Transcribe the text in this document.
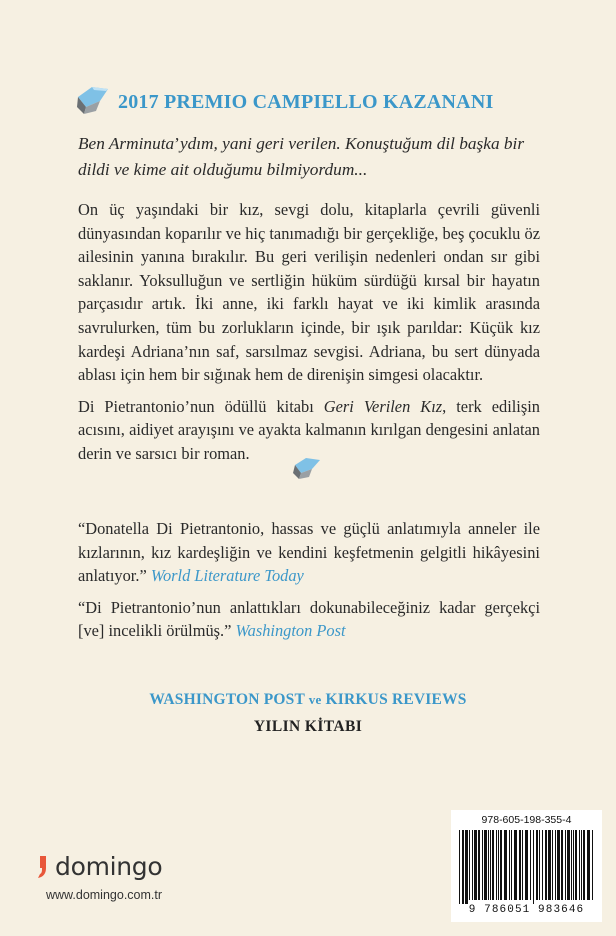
2017 PREMIO CAMPIELLO KAZANANI
Ben Arminuta’ydım, yani geri verilen. Konuştuğum dil başka bir dildi ve kime ait olduğumu bilmiyordum...

On üç yaşındaki bir kız, sevgi dolu, kitaplarla çevrili güvenli dünyasından koparılır ve hiç tanımadığı bir gerçekliğe, beş çocuklu öz ailesinin yanına bırakılır. Bu geri verilişin nedenleri ondan sır gibi saklanır. Yoksulluğun ve sertliğin hüküm sürdüğü kırsal bir hayatın parçasıdır artık. İki anne, iki farklı hayat ve iki kimlik arasında savrulurken, tüm bu zorlukların içinde, bir ışık parıldar: Küçük kız kardeşi Adriana’nın saf, sarsılmaz sevgisi. Adriana, bu sert dünyada ablası için hem bir sığınak hem de direnişin simgesi olacaktır.

Di Pietrantonio’nun ödüllü kitabı Geri Verilen Kız, terk edilişin acısını, aidiyet arayışını ve ayakta kalmanın kırılgan dengesini anlatan derin ve sarsıcı bir roman.

“Donatella Di Pietrantonio, hassas ve güçlü anlatımıyla anneler ile kızlarının, kız kardeşliğin ve kendini keşfetmenin gelgitli hikâyesini anlatıyor.” World Literature Today

“Di Pietrantonio’nun anlattıkları dokunabileceğiniz kadar gerçekçi [ve] incelikli örülmüş.” Washington Post

WASHINGTON POST ve KIRKUS REVIEWS
YILIN KİTABI
domingo
www.domingo.com.tr
978-605-198-355-4
9 786051 983646
